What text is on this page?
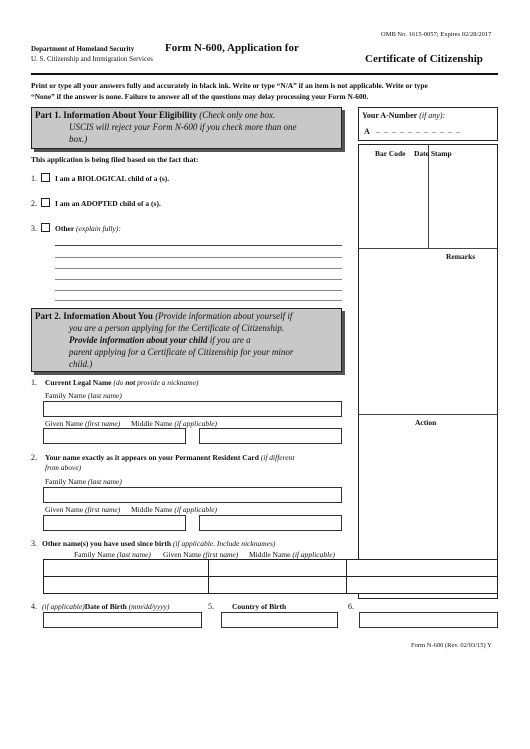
OMB No. 1615-0057; Expires 02/28/2017
Department of Homeland Security
U. S. Citizenship and Immigration Services
Form N-600, Application for
Certificate of Citizenship
Print or type all your answers fully and accurately in black ink. Write or type “N/A” if an item is not applicable. Write or type
“None” if the answer is none. Failure to answer all of the questions may delay processing your Form N-600.
Part 1. Information About Your Eligibility (Check only one box.
USCIS will reject your Form N-600 if you check more than one
box.)
Your A-Number (if any):
A _ _ _ _ _ _ _ _ _ _ _
Bar Code Date Stamp
Remarks
Action
This application is being filed based on the fact that:
1. I am a BIOLOGICAL child of a (s).
2. I am an ADOPTED child of a (s).
3. Other (explain fully):
Part 2. Information About You (Provide information about yourself if
you are a person applying for the Certificate of Citizenship.
Provide information about your child if you are a
parent applying for a Certificate of Citizenship for your minor
child.)
1. Current Legal Name (do not provide a nickname)
Family Name (last name)
Given Name (first name) Middle Name (if applicable)
2. Your name exactly as it appears on your Permanent Resident Card (if different
from above)
Family Name (last name)
Given Name (first name) Middle Name (if applicable)
3. Other name(s) you have used since birth (if applicable. Include nicknames)
Family Name (last name) Given Name (first name) Middle Name (if applicable)
4. (if applicable)Date of Birth (mm/dd/yyyy)	5. Country of Birth	6.
Form N-600 (Rev. 02/03/15) Y
